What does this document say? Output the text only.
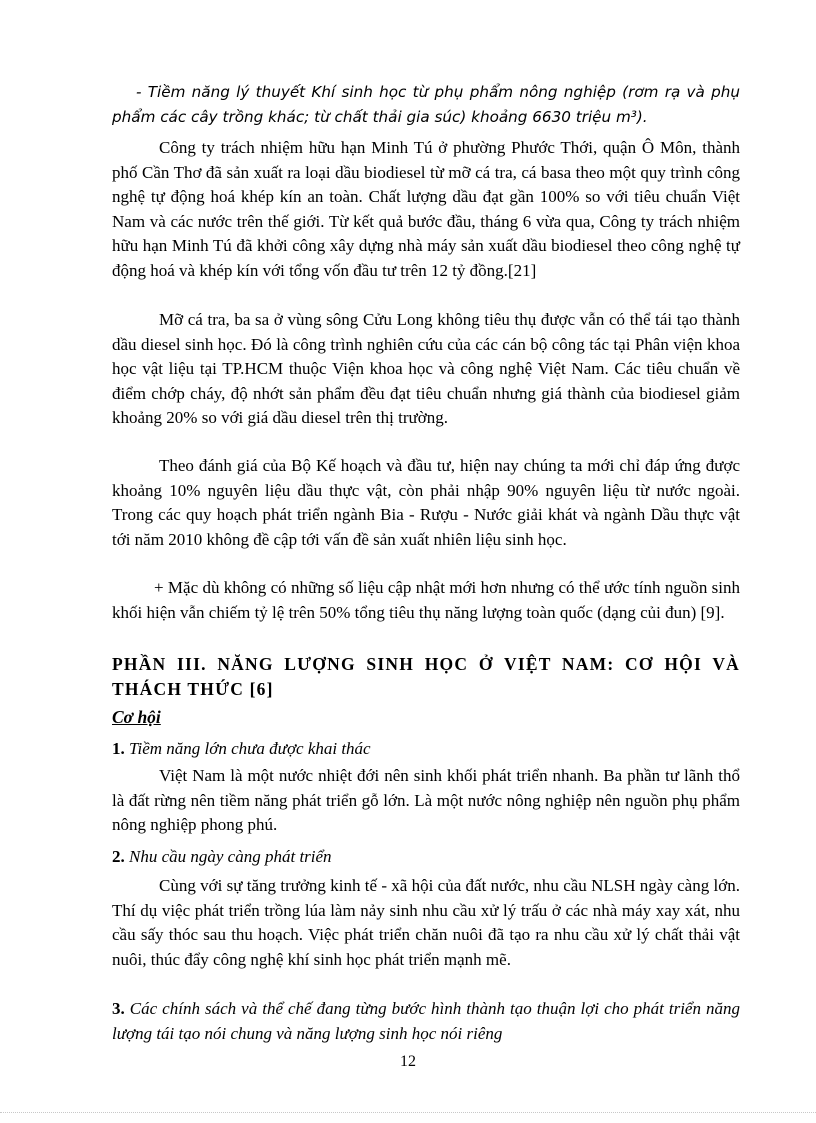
- Tiềm năng lý thuyết Khí sinh học từ phụ phẩm nông nghiệp (rơm rạ và phụ phẩm các cây trồng khác; từ chất thải gia súc) khoảng 6630 triệu m³).
Công ty trách nhiệm hữu hạn Minh Tú ở phường Phước Thới, quận Ô Môn, thành phố Cần Thơ đã sản xuất ra loại dầu biodiesel từ mỡ cá tra, cá basa theo một quy trình công nghệ tự động hoá khép kín an toàn. Chất lượng dầu đạt gần 100% so với tiêu chuẩn Việt Nam và các nước trên thế giới. Từ kết quả bước đầu, tháng 6 vừa qua, Công ty trách nhiệm hữu hạn Minh Tú đã khởi công xây dựng nhà máy sản xuất dầu biodiesel theo công nghệ tự động hoá và khép kín với tổng vốn đầu tư trên 12 tỷ đồng.[21]
Mỡ cá tra, ba sa ở vùng sông Cửu Long không tiêu thụ được vẫn có thể tái tạo thành dầu diesel sinh học. Đó là công trình nghiên cứu của các cán bộ công tác tại Phân viện khoa học vật liệu tại TP.HCM thuộc Viện khoa học và công nghệ Việt Nam. Các tiêu chuẩn về điểm chớp cháy, độ nhớt sản phẩm đều đạt tiêu chuẩn nhưng giá thành của biodiesel giảm khoảng 20% so với giá dầu diesel trên thị trường.
Theo đánh giá của Bộ Kế hoạch và đầu tư, hiện nay chúng ta mới chỉ đáp ứng được khoảng 10% nguyên liệu dầu thực vật, còn phải nhập 90% nguyên liệu từ nước ngoài. Trong các quy hoạch phát triển ngành Bia - Rượu - Nước giải khát và ngành Dầu thực vật tới năm 2010 không đề cập tới vấn đề sản xuất nhiên liệu sinh học.
+ Mặc dù không có những số liệu cập nhật mới hơn nhưng có thể ước tính nguồn sinh khối hiện vẫn chiếm tỷ lệ trên 50% tổng tiêu thụ năng lượng toàn quốc (dạng củi đun) [9].
PHẦN III. NĂNG LƯỢNG SINH HỌC Ở VIỆT NAM: CƠ HỘI VÀ THÁCH THỨC [6]
Cơ hội
1. Tiềm năng lớn chưa được khai thác
Việt Nam là một nước nhiệt đới nên sinh khối phát triển nhanh. Ba phần tư lãnh thổ là đất rừng nên tiềm năng phát triển gỗ lớn. Là một nước nông nghiệp nên nguồn phụ phẩm nông nghiệp phong phú.
2. Nhu cầu ngày càng phát triển
Cùng với sự tăng trưởng kinh tế - xã hội của đất nước, nhu cầu NLSH ngày càng lớn. Thí dụ việc phát triển trồng lúa làm nảy sinh nhu cầu xử lý trấu ở các nhà máy xay xát, nhu cầu sấy thóc sau thu hoạch. Việc phát triển chăn nuôi đã tạo ra nhu cầu xử lý chất thải vật nuôi, thúc đẩy công nghệ khí sinh học phát triển mạnh mẽ.
3. Các chính sách và thể chế đang từng bước hình thành tạo thuận lợi cho phát triển năng lượng tái tạo nói chung và năng lượng sinh học nói riêng
12
